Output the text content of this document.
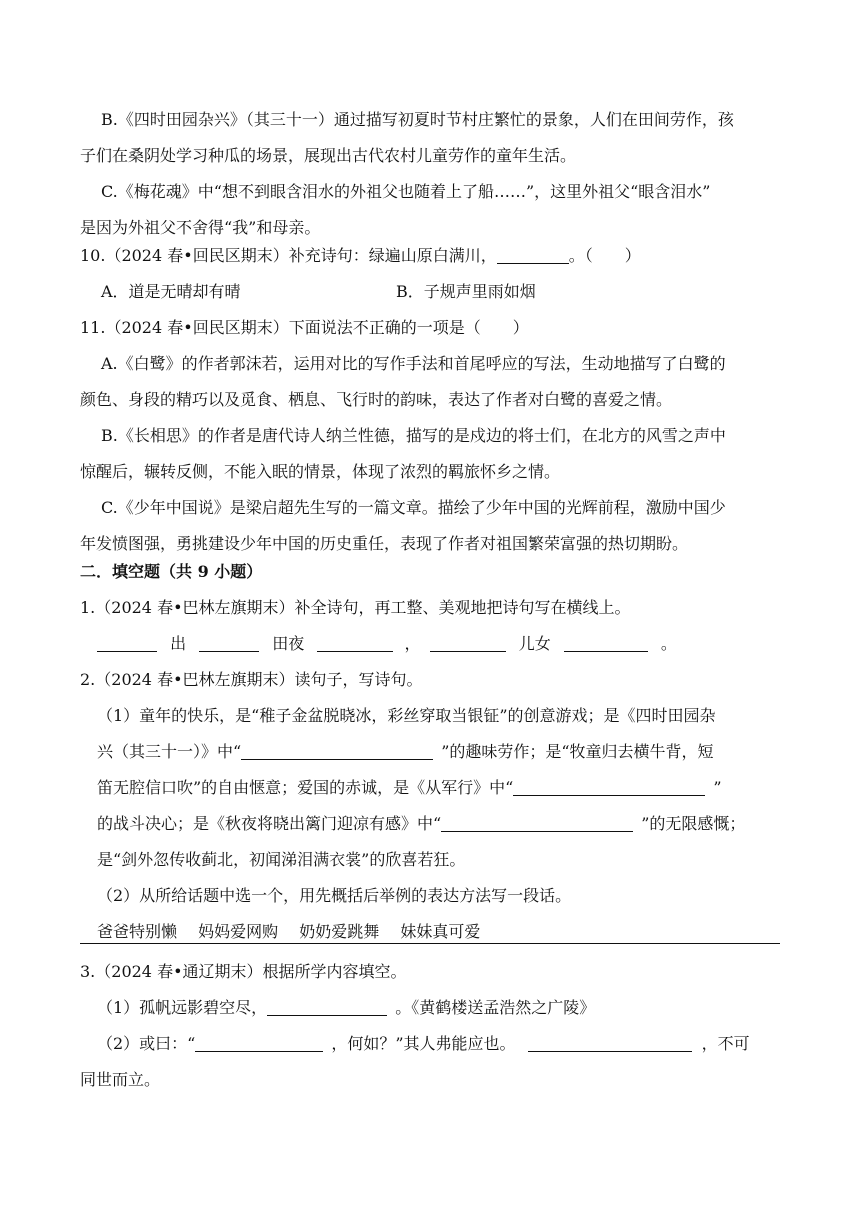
B.《四时田园杂兴》（其三十一）通过描写初夏时节村庄繁忙的景象，人们在田间劳作，孩
子们在桑阴处学习种瓜的场景，展现出古代农村儿童劳作的童年生活。
C.《梅花魂》中“想不到眼含泪水的外祖父也随着上了船……”，这里外祖父“眼含泪水”
是因为外祖父不舍得“我”和母亲。
10.（2024 春•回民区期末）补充诗句：绿遍山原白满川，	。（　　）
A．道是无晴却有晴	B．子规声里雨如烟
11.（2024 春•回民区期末）下面说法不正确的一项是（　　）
A.《白鹭》的作者郭沫若，运用对比的写作手法和首尾呼应的写法，生动地描写了白鹭的
颜色、身段的精巧以及觅食、栖息、飞行时的韵味，表达了作者对白鹭的喜爱之情。
B.《长相思》的作者是唐代诗人纳兰性德，描写的是戍边的将士们，在北方的风雪之声中
惊醒后，辗转反侧，不能入眠的情景，体现了浓烈的羁旅怀乡之情。
C.《少年中国说》是梁启超先生写的一篇文章。描绘了少年中国的光辉前程，激励中国少
年发愤图强，勇挑建设少年中国的历史重任，表现了作者对祖国繁荣富强的热切期盼。
二．填空题（共 9 小题）
1.（2024 春•巴林左旗期末）补全诗句，再工整、美观地把诗句写在横线上。
出	田夜	，	儿女	。
2.（2024 春•巴林左旗期末）读句子，写诗句。
（1）童年的快乐，是“稚子金盆脱晓冰，彩丝穿取当银钲”的创意游戏；是《四时田园杂
兴（其三十一）》中“	”的趣味劳作；是“牧童归去横牛背，短
笛无腔信口吹”的自由惬意；爱国的赤诚，是《从军行》中“	”
的战斗决心；是《秋夜将晓出篱门迎凉有感》中“	”的无限感慨；
是“剑外忽传收蓟北，初闻涕泪满衣裳”的欣喜若狂。
（2）从所给话题中选一个，用先概括后举例的表达方法写一段话。
爸爸特别懒 妈妈爱网购 奶奶爱跳舞 妹妹真可爱
3.（2024 春•通辽期末）根据所学内容填空。
（1）孤帆远影碧空尽，	。《黄鹤楼送孟浩然之广陵》
（2）或曰：“	，何如？”其人弗能应也。	，不可
同世而立。
